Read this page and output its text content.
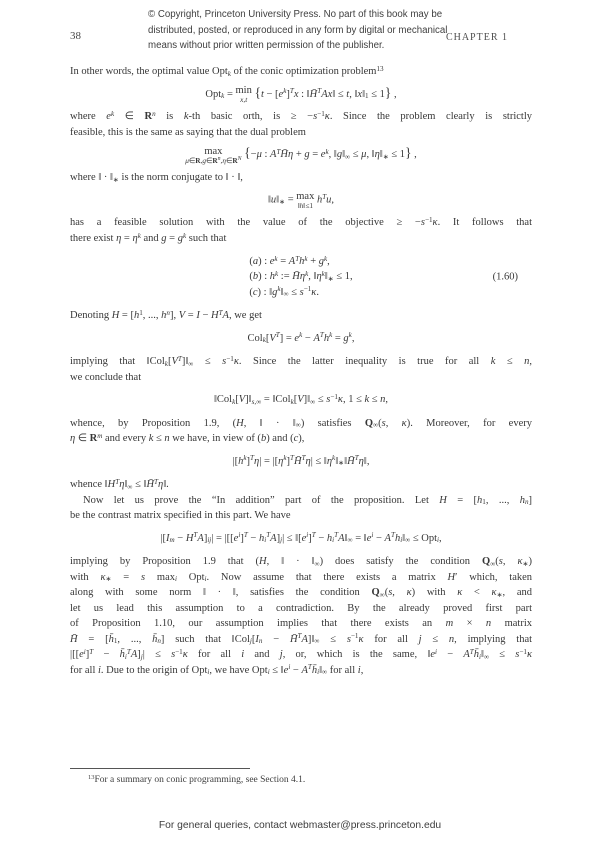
© Copyright, Princeton University Press. No part of this book may be
distributed, posted, or reproduced in any form by digital or mechanical
means without prior written permission of the publisher.
38	CHAPTER 1
In other words, the optimal value Opt$_k$ of the conic optimization problem$^{13}$
Opt$_k$ = min
x,t {$t - [e^k]^Tx$ : ‖H̄$^T$Ax‖ ≤ t, $‖x‖_1 \le 1$} ,
where $e^k$ ∈ $R^n$ is k-th basic orth, is ≥ $-s^{-1}\kappa$. Since the problem clearly is strictly
feasible, this is the same as saying that the dual problem
max
$\mu\in R,g\in R^n,\eta\in R^N$ {−μ : $A^TH̄\eta + g = e^k$, $‖g‖_\infty \le \mu$, $‖\eta‖_∗ \le 1$} ,
where ‖ · $‖_∗$ is the norm conjugate to ‖ · ‖,
$‖u‖_∗ = \max$
‖h‖≤1 $h^Tu$,
has a feasible solution with the value of the objective ≥ $-s^{-1}\kappa$. It follows that
there exist $\eta = \eta^k$ and $g = g^k$ such that
(a) : $e^k = A^Th^k + g^k$,
(b) : $h^k$ := $H̄\eta^k$, $‖\eta^k‖_∗ \le 1$,
(c) : $‖g^k‖_\infty \le s^{-1}\kappa$.
(1.60)
Denoting $H = [h^1$, ..., $h^n$], $V = I - H^TA$, we get
$Col_k[V^T] = e^k - A^Th^k = g^k$,
implying that $‖Col_k[V^T]‖_\infty \le s^{-1}\kappa$. Since the latter inequality is true for all k ≤ n,
we conclude that
$‖Col_k[V]‖_{s,\infty}$ = $‖Col_k[V]‖_\infty \le s^{-1}\kappa$, 1 ≤ k ≤ n,
whence, by Proposition 1.9, (H, ‖ · $‖_\infty$) satisfies $Q_\infty(s$, κ). Moreover, for every
η ∈ $R^m$ and every k ≤ n we have, in view of (b) and (c),
$|[h^k]^T\eta|$ = $|[\eta^k]^TH̄^T\eta|$ ≤ $‖\eta^k‖_∗‖H̄^T\eta‖$,
whence $‖H^T\eta‖_\infty$ ≤ ‖H̄$^T$η‖.
Now let us prove the “In addition” part of the proposition. Let $H = [h_1$, ..., $h_n$]
be the contrast matrix specified in this part. We have
$|[I_m - H^TA]_{ij}| = |[[e^i]^T - h_i^TA]_j|$ ≤ $‖[e^i]^T$ − $h_i^TA‖_\infty$ = $‖e^i$ − $A^Th_i‖_\infty \le Opt_i$,
implying by Proposition 1.9 that (H, ‖ · $‖_\infty$) does satisfy the condition $Q_\infty(s$, $\kappa_∗$)
with $\kappa_∗ = s$ $\max_i Opt_i$. Now assume that there exists a matrix H′ which, taken
along with some norm ‖ · ‖, satisfies the condition $Q_\infty(s$, κ) with $\kappa < \kappa_∗$, and
let us lead this assumption to a contradiction. By the already proved first part
of Proposition 1.10, our assumption implies that there exists an m × n matrix
H̄ = [$h̄_1$, ..., $h̄_n$] such that $‖Col_j[I_n$ − $H̄^TA]‖_\infty \le s^{-1}\kappa$ for all j ≤ n, implying that
$|[[e^i]^T$ − $h̄_i^TA]_j| \le s^{-1}\kappa$ for all i and j, or, which is the same, $‖e^i$ − $A^Th̄_i‖_\infty \le s^{-1}\kappa$
for all i. Due to the origin of Opt$_i$, we have $Opt_i \le ‖e^i$ − $A^Th̄_i‖_\infty$ for all i,
$^{13}$For a summary on conic programming, see Section 4.1.
For general queries, contact webmaster@press.princeton.edu
